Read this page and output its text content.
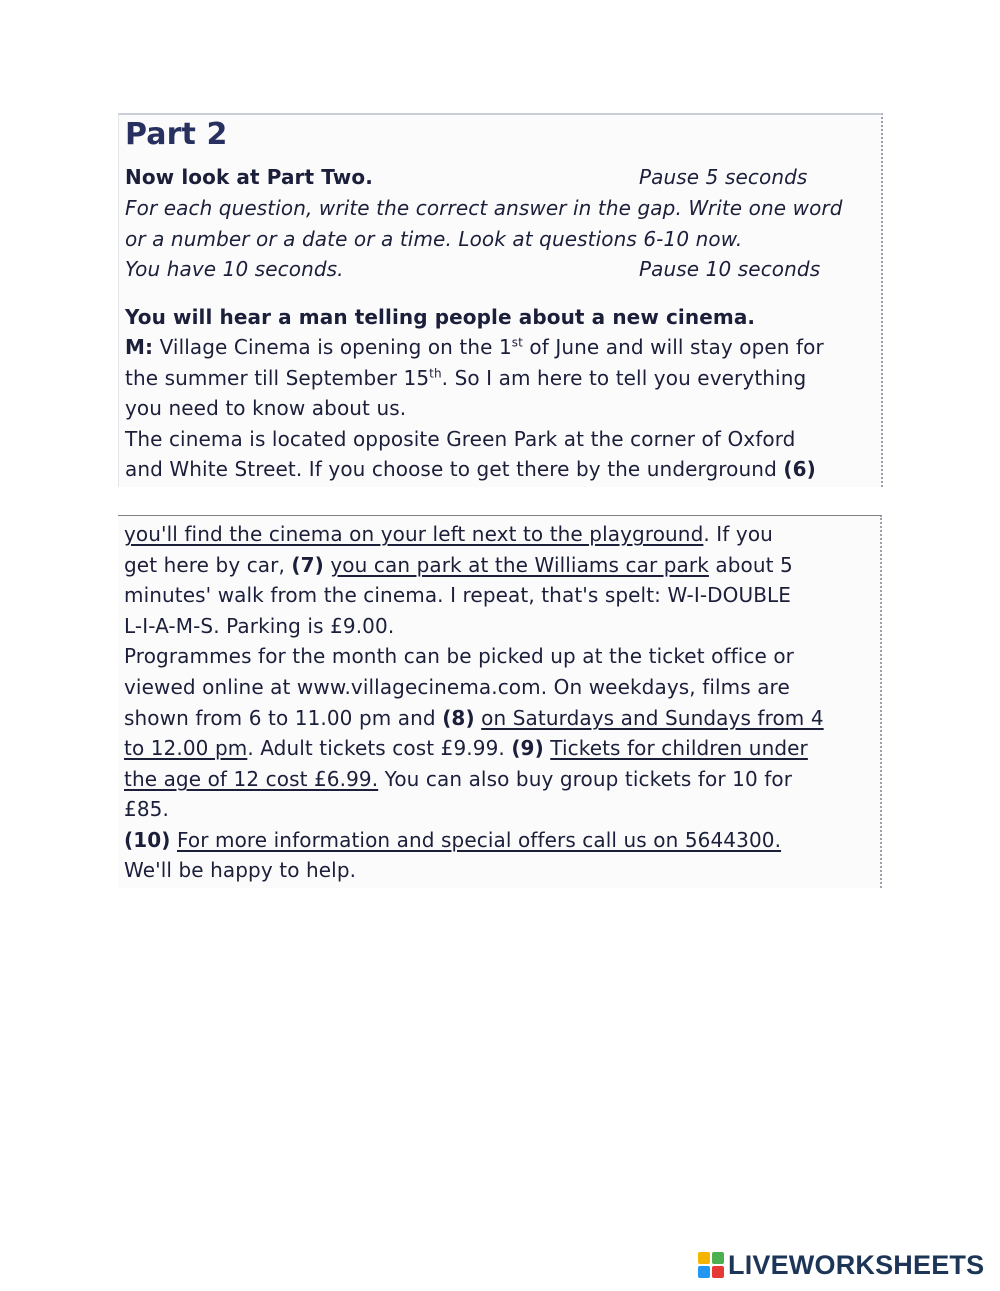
Part 2
Now look at Part Two.	Pause 5 seconds
For each question, write the correct answer in the gap. Write one word
or a number or a date or a time. Look at questions 6-10 now.
You have 10 seconds.	Pause 10 seconds
You will hear a man telling people about a new cinema.
M: Village Cinema is opening on the 1st of June and will stay open for
the summer till September 15th. So I am here to tell you everything
you need to know about us.
The cinema is located opposite Green Park at the corner of Oxford
and White Street. If you choose to get there by the underground (6)
you'll find the cinema on your left next to the playground. If you
get here by car, (7) you can park at the Williams car park about 5
minutes' walk from the cinema. I repeat, that's spelt: W-I-DOUBLE
L-I-A-M-S. Parking is £9.00.
Programmes for the month can be picked up at the ticket office or
viewed online at www.villagecinema.com. On weekdays, films are
shown from 6 to 11.00 pm and (8) on Saturdays and Sundays from 4
to 12.00 pm. Adult tickets cost £9.99. (9) Tickets for children under
the age of 12 cost £6.99. You can also buy group tickets for 10 for
£85.
(10) For more information and special offers call us on 5644300.
We'll be happy to help.
LIVEWORKSHEETS
